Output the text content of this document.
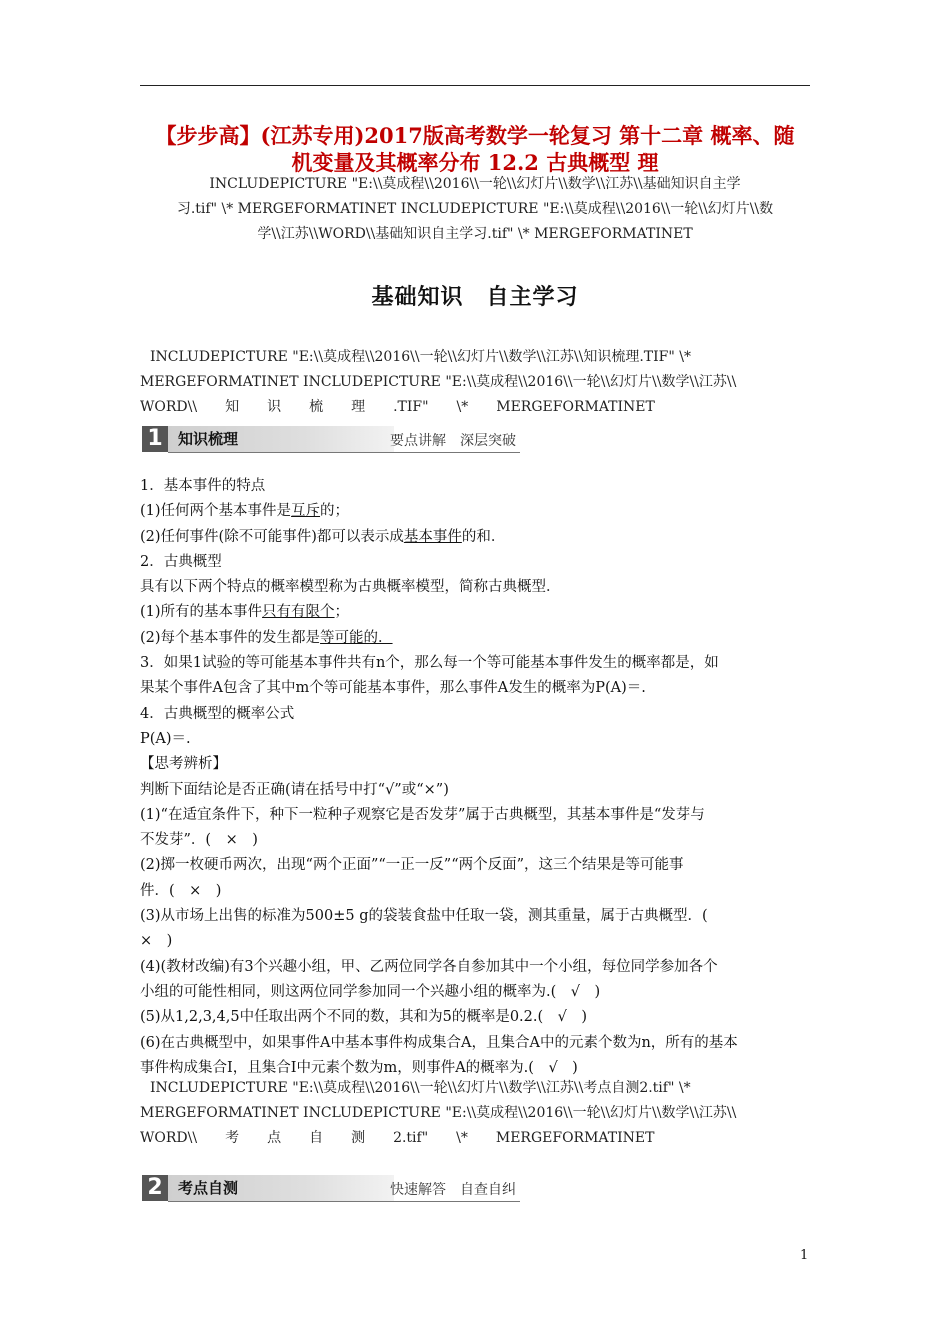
【步步高】(江苏专用)2017版高考数学一轮复习 第十二章 概率、随
机变量及其概率分布 12.2 古典概型 理
INCLUDEPICTURE "E:\\莫成程\\2016\\一轮\\幻灯片\\数学\\江苏\\基础知识自主学
习.tif" \* MERGEFORMATINET INCLUDEPICTURE "E:\\莫成程\\2016\\一轮\\幻灯片\\数
学\\江苏\\WORD\\基础知识自主学习.tif" \* MERGEFORMATINET
基础知识　自主学习
INCLUDEPICTURE "E:\\莫成程\\2016\\一轮\\幻灯片\\数学\\江苏\\知识梳理.TIF" \*
MERGEFORMATINET INCLUDEPICTURE "E:\\莫成程\\2016\\一轮\\幻灯片\\数学\\江苏\\
WORD\\　　知　　识　　梳　　理　　.TIF"　　\*　　MERGEFORMATINET
1	知识梳理	要点讲解　深层突破

1．基本事件的特点

(1)任何两个基本事件是互斥的；

(2)任何事件(除不可能事件)都可以表示成基本事件的和．

2．古典概型

具有以下两个特点的概率模型称为古典概率模型，简称古典概型．

(1)所有的基本事件只有有限个；

(2)每个基本事件的发生都是等可能的．

3．如果1试验的等可能基本事件共有n个，那么每一个等可能基本事件发生的概率都是，如

果某个事件A包含了其中m个等可能基本事件，那么事件A发生的概率为P(A)＝.

4．古典概型的概率公式

P(A)＝.

【思考辨析】

判断下面结论是否正确(请在括号中打“√”或“×”)

(1)“在适宜条件下，种下一粒种子观察它是否发芽”属于古典概型，其基本事件是“发芽与

不发芽”．(　×　)

(2)掷一枚硬币两次，出现“两个正面”“一正一反”“两个反面”，这三个结果是等可能事

件．(　×　)

(3)从市场上出售的标准为500±5 g的袋装食盐中任取一袋，测其重量，属于古典概型．(

×　)

(4)(教材改编)有3个兴趣小组，甲、乙两位同学各自参加其中一个小组，每位同学参加各个

小组的可能性相同，则这两位同学参加同一个兴趣小组的概率为.(　√　)

(5)从1,2,3,4,5中任取出两个不同的数，其和为5的概率是0.2.(　√　)

(6)在古典概型中，如果事件A中基本事件构成集合A，且集合A中的元素个数为n，所有的基本

事件构成集合I，且集合I中元素个数为m，则事件A的概率为.(　√　)

INCLUDEPICTURE "E:\\莫成程\\2016\\一轮\\幻灯片\\数学\\江苏\\考点自测2.tif" \*
MERGEFORMATINET INCLUDEPICTURE "E:\\莫成程\\2016\\一轮\\幻灯片\\数学\\江苏\\
WORD\\　　考　　点　　自　　测　　2.tif"　　\*　　MERGEFORMATINET
2	考点自测	快速解答　自查自纠
1
